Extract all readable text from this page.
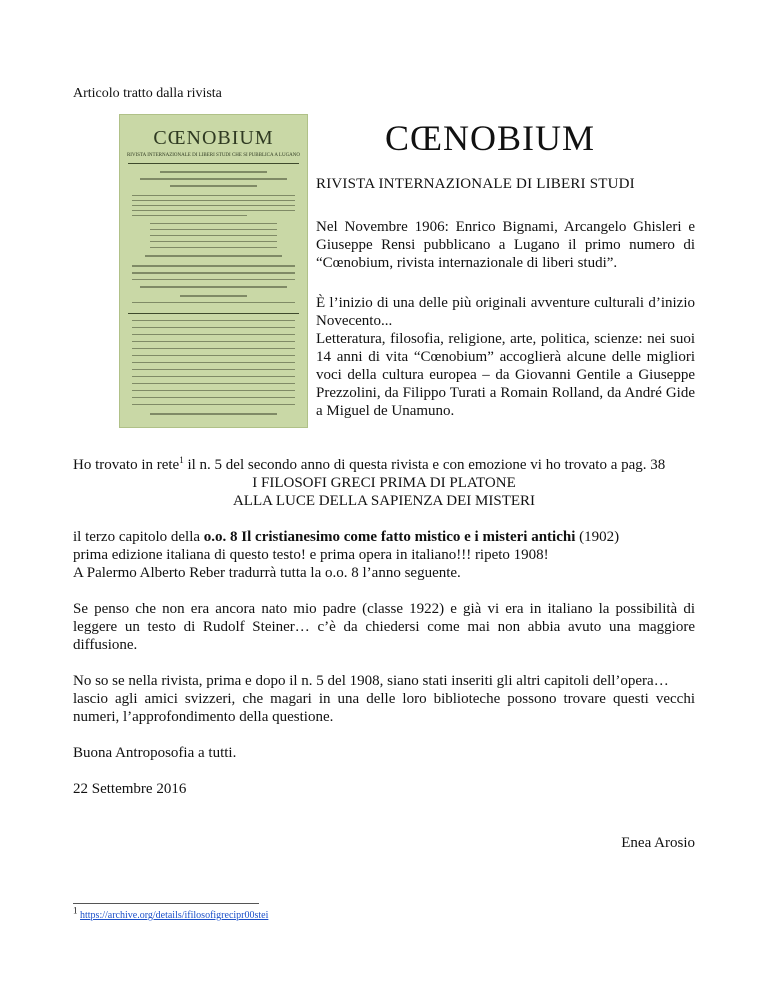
Articolo tratto dalla rivista
CŒNOBIUM
RIVISTA INTERNAZIONALE DI LIBERI STUDI CHE SI PUBBLICA A LUGANO CŒNOBIUM
RIVISTA INTERNAZIONALE DI LIBERI STUDI

Nel Novembre 1906: Enrico Bignami, Arcangelo Ghisleri e Giuseppe Rensi pubblicano a Lugano il primo numero di “Cœnobium, rivista internazionale di liberi studi”.

È l’inizio di una delle più originali avventure culturali d’inizio Novecento...
Letteratura, filosofia, religione, arte, politica, scienze: nei suoi 14 anni di vita “Cœnobium” accoglierà alcune delle migliori voci della cultura europea – da Giovanni Gentile a Giuseppe Prezzolini, da Filippo Turati a Romain Rolland, da André Gide a Miguel de Unamuno.

Ho trovato in rete$^1$ il n. 5 del secondo anno di questa rivista e con emozione vi ho trovato a pag. 38

I FILOSOFI GRECI PRIMA DI PLATONE

ALLA LUCE DELLA SAPIENZA DEI MISTERI

il terzo capitolo della o.o. 8 Il cristianesimo come fatto mistico e i misteri antichi (1902)

prima edizione italiana di questo testo! e prima opera in italiano!!! ripeto 1908!

A Palermo Alberto Reber tradurrà tutta la o.o. 8 l’anno seguente.

Se penso che non era ancora nato mio padre (classe 1922) e già vi era in italiano la possibilità di leggere un testo di Rudolf Steiner… c’è da chiedersi come mai non abbia avuto una maggiore diffusione.

No so se nella rivista, prima e dopo il n. 5 del 1908, siano stati inseriti gli altri capitoli dell’opera…

lascio agli amici svizzeri, che magari in una delle loro biblioteche possono trovare questi vecchi numeri, l’approfondimento della questione.

Buona Antroposofia a tutti.

22 Settembre 2016

Enea Arosio
$^1$ https://archive.org/details/ifilosofigrecipr00stei
